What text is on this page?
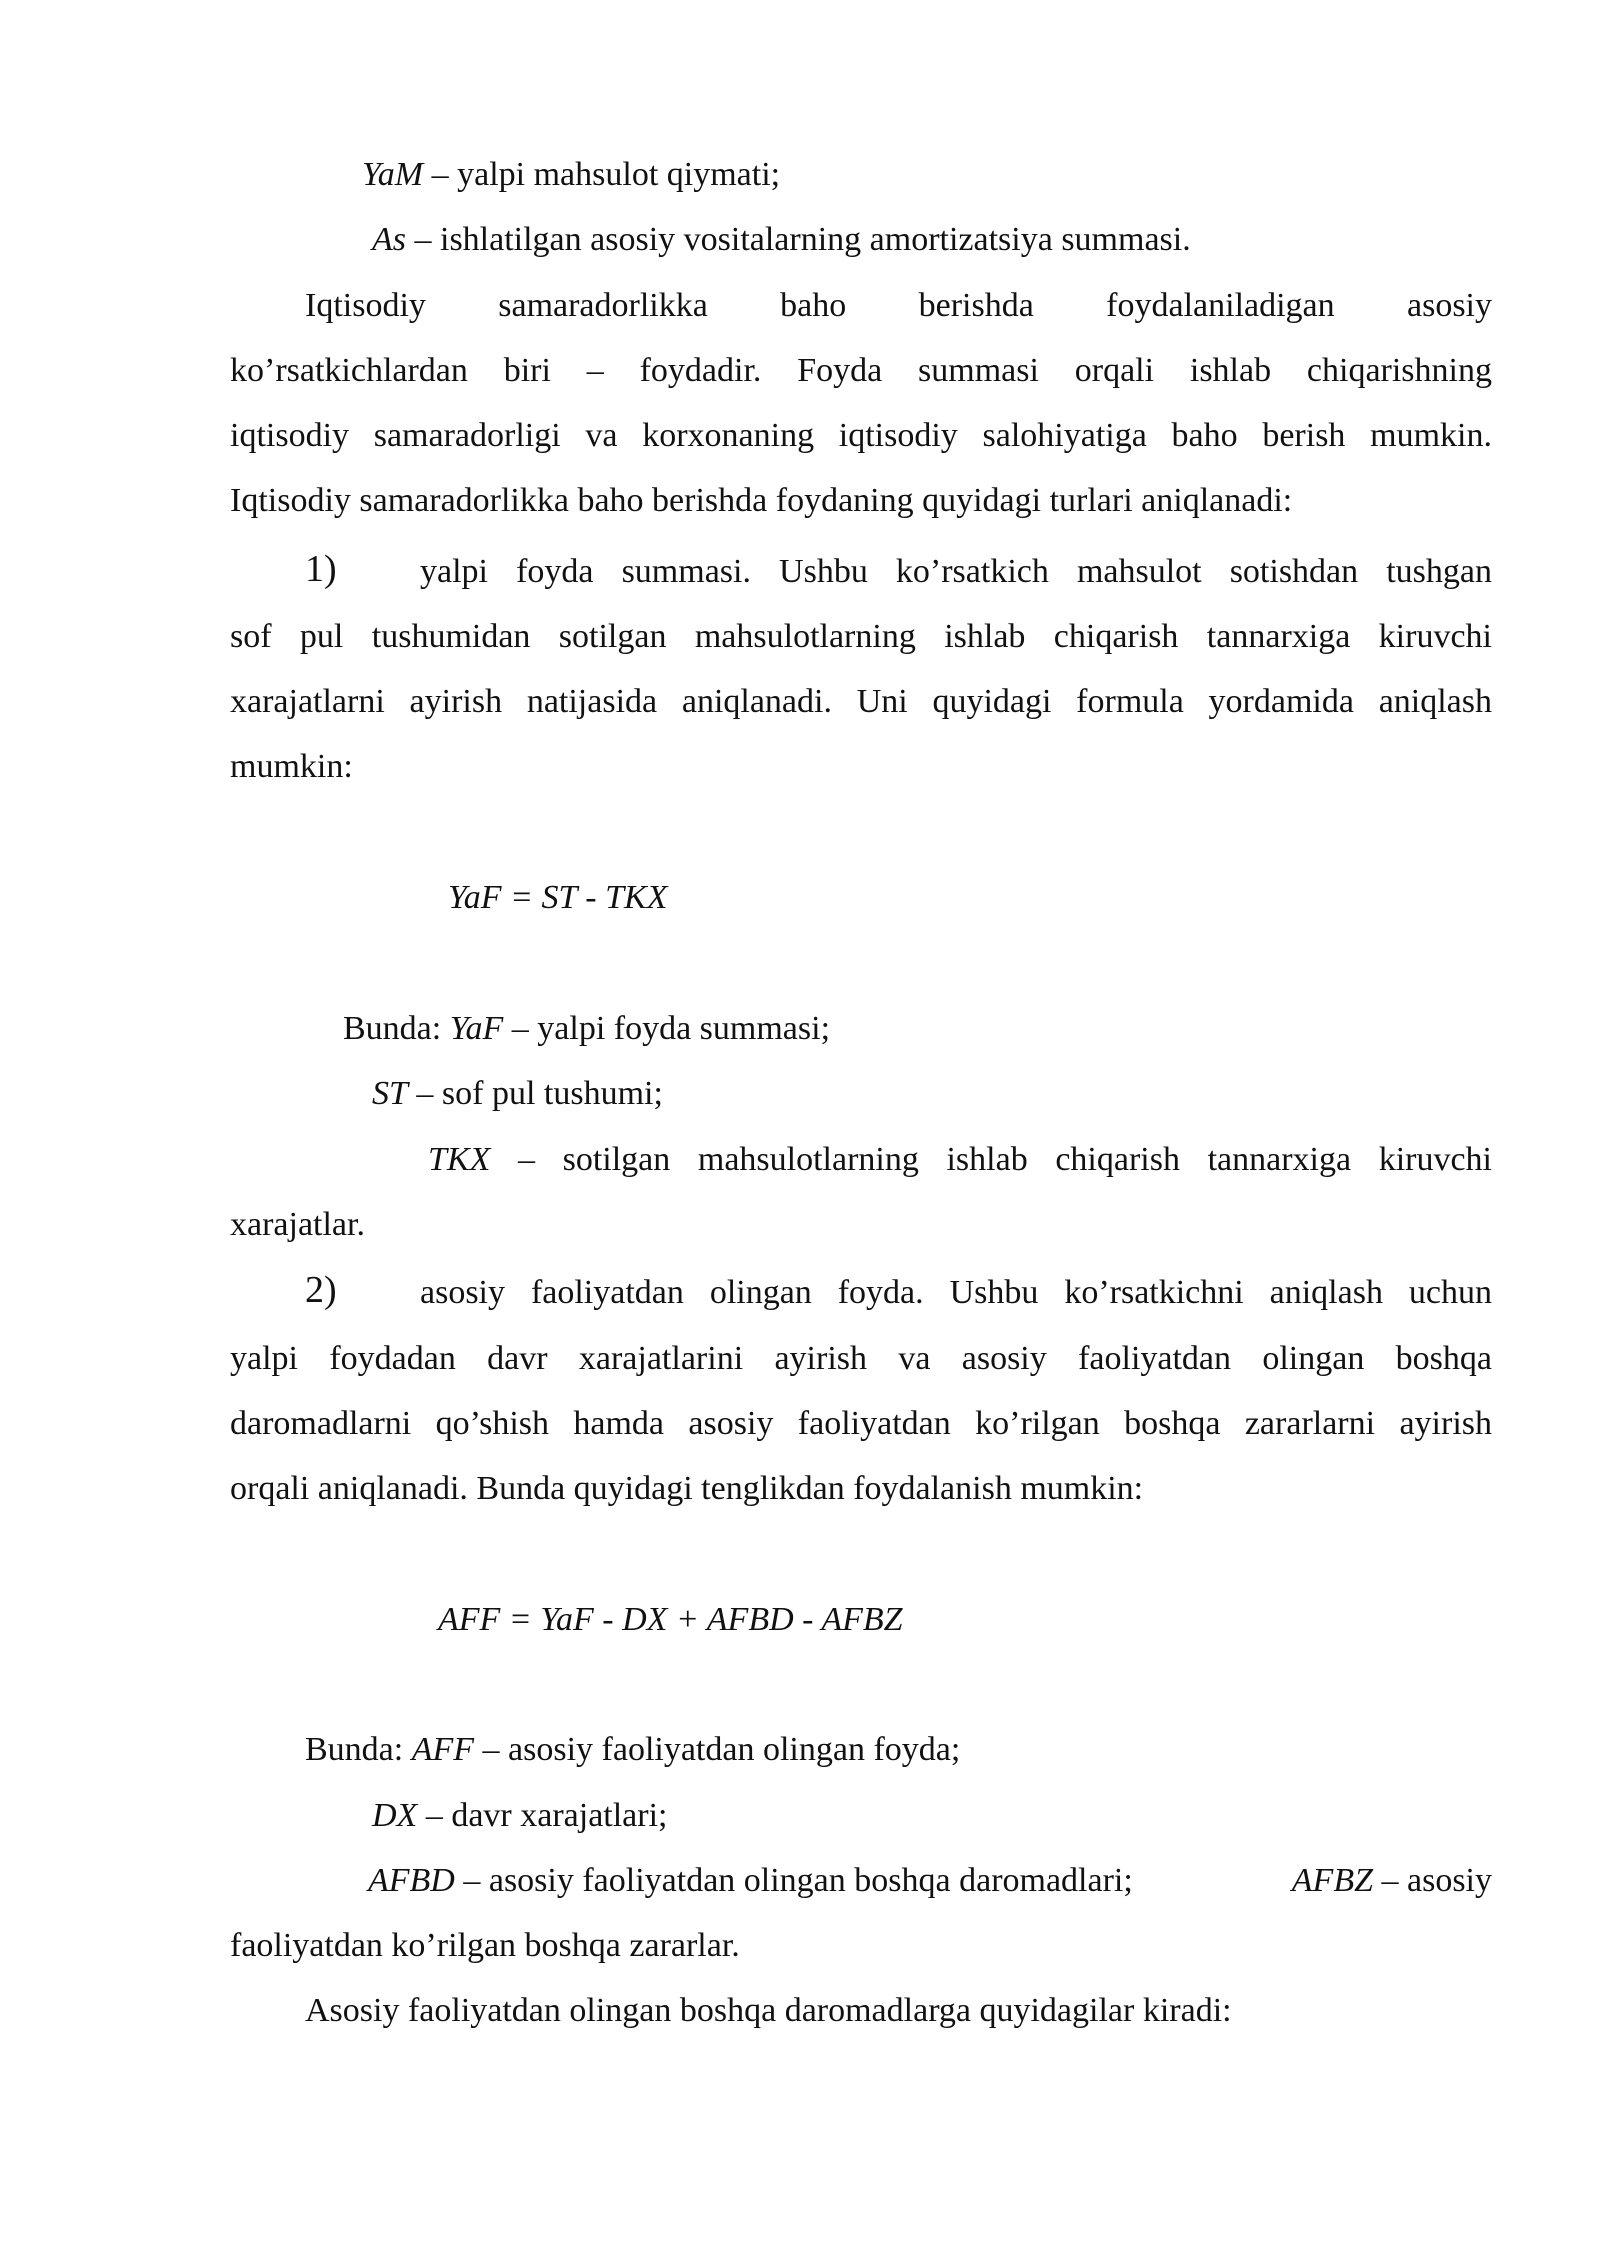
YaM – yalpi mahsulot qiymati;
As – ishlatilgan asosiy vositalarning amortizatsiya summasi.
Iqtisodiy samaradorlikka baho berishda foydalaniladigan asosiy
ko’rsatkichlardan biri – foydadir. Foyda summasi orqali ishlab chiqarishning
iqtisodiy samaradorligi va korxonaning iqtisodiy salohiyatiga baho berish mumkin.
Iqtisodiy samaradorlikka baho berishda foydaning quyidagi turlari aniqlanadi:
1) yalpi foyda summasi. Ushbu ko’rsatkich mahsulot sotishdan tushgan
sof pul tushumidan sotilgan mahsulotlarning ishlab chiqarish tannarxiga kiruvchi
xarajatlarni ayirish natijasida aniqlanadi. Uni quyidagi formula yordamida aniqlash
mumkin:
YaF = ST - TKX
Bunda: YaF – yalpi foyda summasi;
ST – sof pul tushumi;
TKX – sotilgan mahsulotlarning ishlab chiqarish tannarxiga kiruvchi
xarajatlar.
2) asosiy faoliyatdan olingan foyda. Ushbu ko’rsatkichni aniqlash uchun
yalpi foydadan davr xarajatlarini ayirish va asosiy faoliyatdan olingan boshqa
daromadlarni qo’shish hamda asosiy faoliyatdan ko’rilgan boshqa zararlarni ayirish
orqali aniqlanadi. Bunda quyidagi tenglikdan foydalanish mumkin:
AFF = YaF - DX + AFBD - AFBZ
Bunda: AFF – asosiy faoliyatdan olingan foyda;
DX – davr xarajatlari;
AFBD – asosiy faoliyatdan olingan boshqa daromadlari;	AFBZ – asosiy
faoliyatdan ko’rilgan boshqa zararlar.
Asosiy faoliyatdan olingan boshqa daromadlarga quyidagilar kiradi:
